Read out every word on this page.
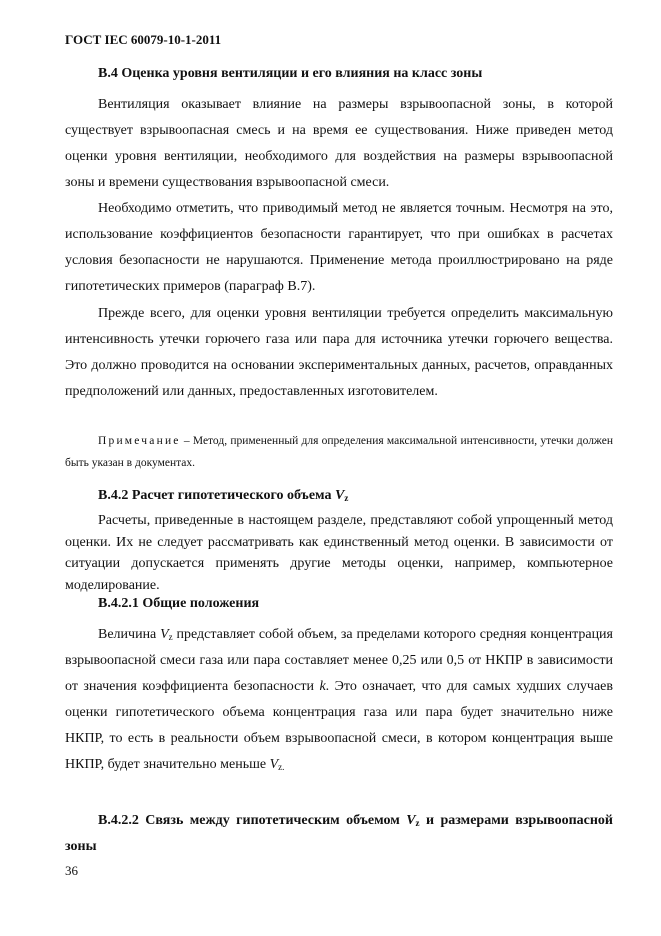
ГОСТ IEC 60079-10-1-2011
В.4 Оценка уровня вентиляции и его влияния на класс зоны
Вентиляция оказывает влияние на размеры взрывоопасной зоны, в которой существует взрывоопасная смесь и на время ее существования. Ниже приведен метод оценки уровня вентиляции, необходимого для воздействия на размеры взрывоопасной зоны и времени существования взрывоопасной смеси.
Необходимо отметить, что приводимый метод не является точным. Несмотря на это, использование коэффициентов безопасности гарантирует, что при ошибках в расчетах условия безопасности не нарушаются. Применение метода проиллюстрировано на ряде гипотетических примеров (параграф В.7).
Прежде всего, для оценки уровня вентиляции требуется определить максимальную интенсивность утечки горючего газа или пара для источника утечки горючего вещества. Это должно проводится на основании экспериментальных данных, расчетов, оправданных предположений или данных, предоставленных изготовителем.
Примечание – Метод, примененный для определения максимальной интенсивности, утечки должен быть указан в документах.
В.4.2 Расчет гипотетического объема $V_z$
Расчеты, приведенные в настоящем разделе, представляют собой упрощенный метод оценки. Их не следует рассматривать как единственный метод оценки. В зависимости от ситуации допускается применять другие методы оценки, например, компьютерное моделирование.
В.4.2.1 Общие положения
Величина $V_z$ представляет собой объем, за пределами которого средняя концентрация взрывоопасной смеси газа или пара составляет менее 0,25 или 0,5 от НКПР в зависимости от значения коэффициента безопасности k. Это означает, что для самых худших случаев оценки гипотетического объема концентрация газа или пара будет значительно ниже НКПР, то есть в реальности объем взрывоопасной смеси, в котором концентрация выше НКПР, будет значительно меньше $V_{z.}$
В.4.2.2 Связь между гипотетическим объемом $V_z$ и размерами взрывоопасной зоны
36
